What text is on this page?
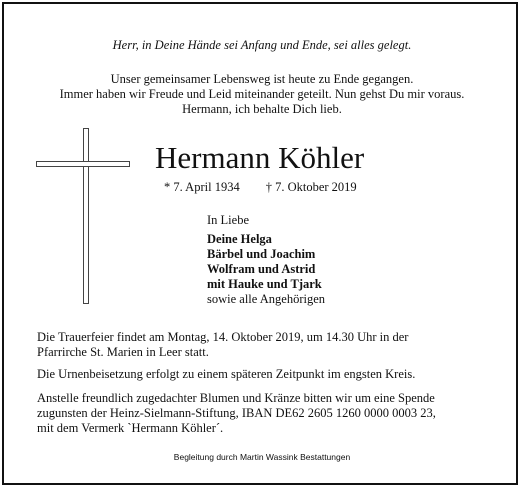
Herr, in Deine Hände sei Anfang und Ende, sei alles gelegt.
Unser gemeinsamer Lebensweg ist heute zu Ende gegangen.
Immer haben wir Freude und Leid miteinander geteilt. Nun gehst Du mir voraus.
Hermann, ich behalte Dich lieb.
Hermann Köhler
* 7. April 1934 † 7. Oktober 2019
In Liebe
Deine Helga
Bärbel und Joachim
Wolfram und Astrid
mit Hauke und Tjark
sowie alle Angehörigen
Die Trauerfeier findet am Montag, 14. Oktober 2019, um 14.30 Uhr in der
Pfarrirche St. Marien in Leer statt.
Die Urnenbeisetzung erfolgt zu einem späteren Zeitpunkt im engsten Kreis.
Anstelle freundlich zugedachter Blumen und Kränze bitten wir um eine Spende
zugunsten der Heinz-Sielmann-Stiftung, IBAN DE62 2605 1260 0000 0003 23,
mit dem Vermerk `Hermann Köhler´.
Begleitung durch Martin Wassink Bestattungen
